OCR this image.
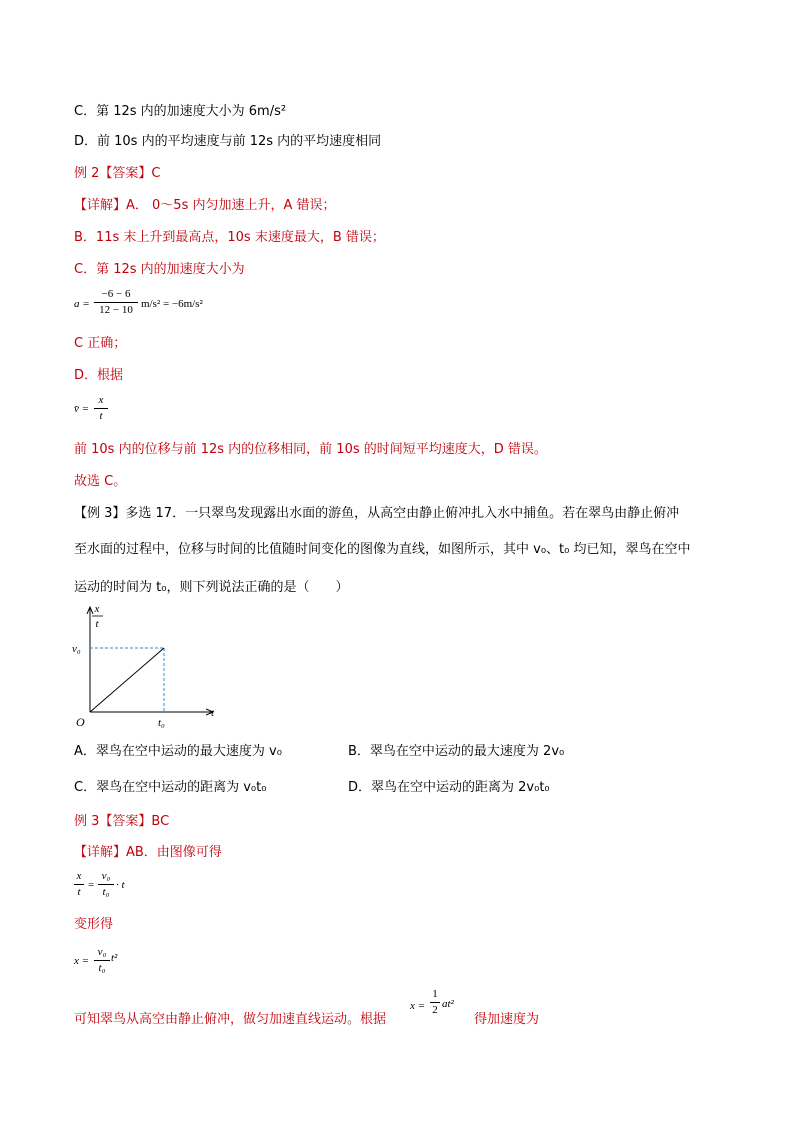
C．第 12s 内的加速度大小为 6m/s²
D．前 10s 内的平均速度与前 12s 内的平均速度相同
例 2【答案】C
【详解】A． 0～5s 内匀加速上升，A 错误；
B．11s 末上升到最高点，10s 末速度最大，B 错误；
C．第 12s 内的加速度大小为
a =
−6 − 6
12 − 10 m/s² = −6m/s²
C 正确；
D．根据
v̄ =
x
t
前 10s 内的位移与前 12s 内的位移相同，前 10s 的时间短平均速度大，D 错误。
故选 C。
【例 3】多选 17．一只翠鸟发现露出水面的游鱼，从高空由静止俯冲扎入水中捕鱼。若在翠鸟由静止俯冲
至水面的过程中，位移与时间的比值随时间变化的图像为直线，如图所示，其中 v₀、t₀ 均已知，翠鸟在空中
运动的时间为 t₀，则下列说法正确的是（　　）
x
t
v₀
t₀
t
O
A．翠鸟在空中运动的最大速度为 v₀	B．翠鸟在空中运动的最大速度为 2v₀
C．翠鸟在空中运动的距离为 v₀t₀	D．翠鸟在空中运动的距离为 2v₀t₀
例 3【答案】BC
【详解】AB．由图像可得
x
t
=
v₀
t₀
· t
变形得
x =
v₀
t₀
t²
可知翠鸟从高空由静止俯冲，做匀加速直线运动。根据
x =
1
2 at²
得加速度为
